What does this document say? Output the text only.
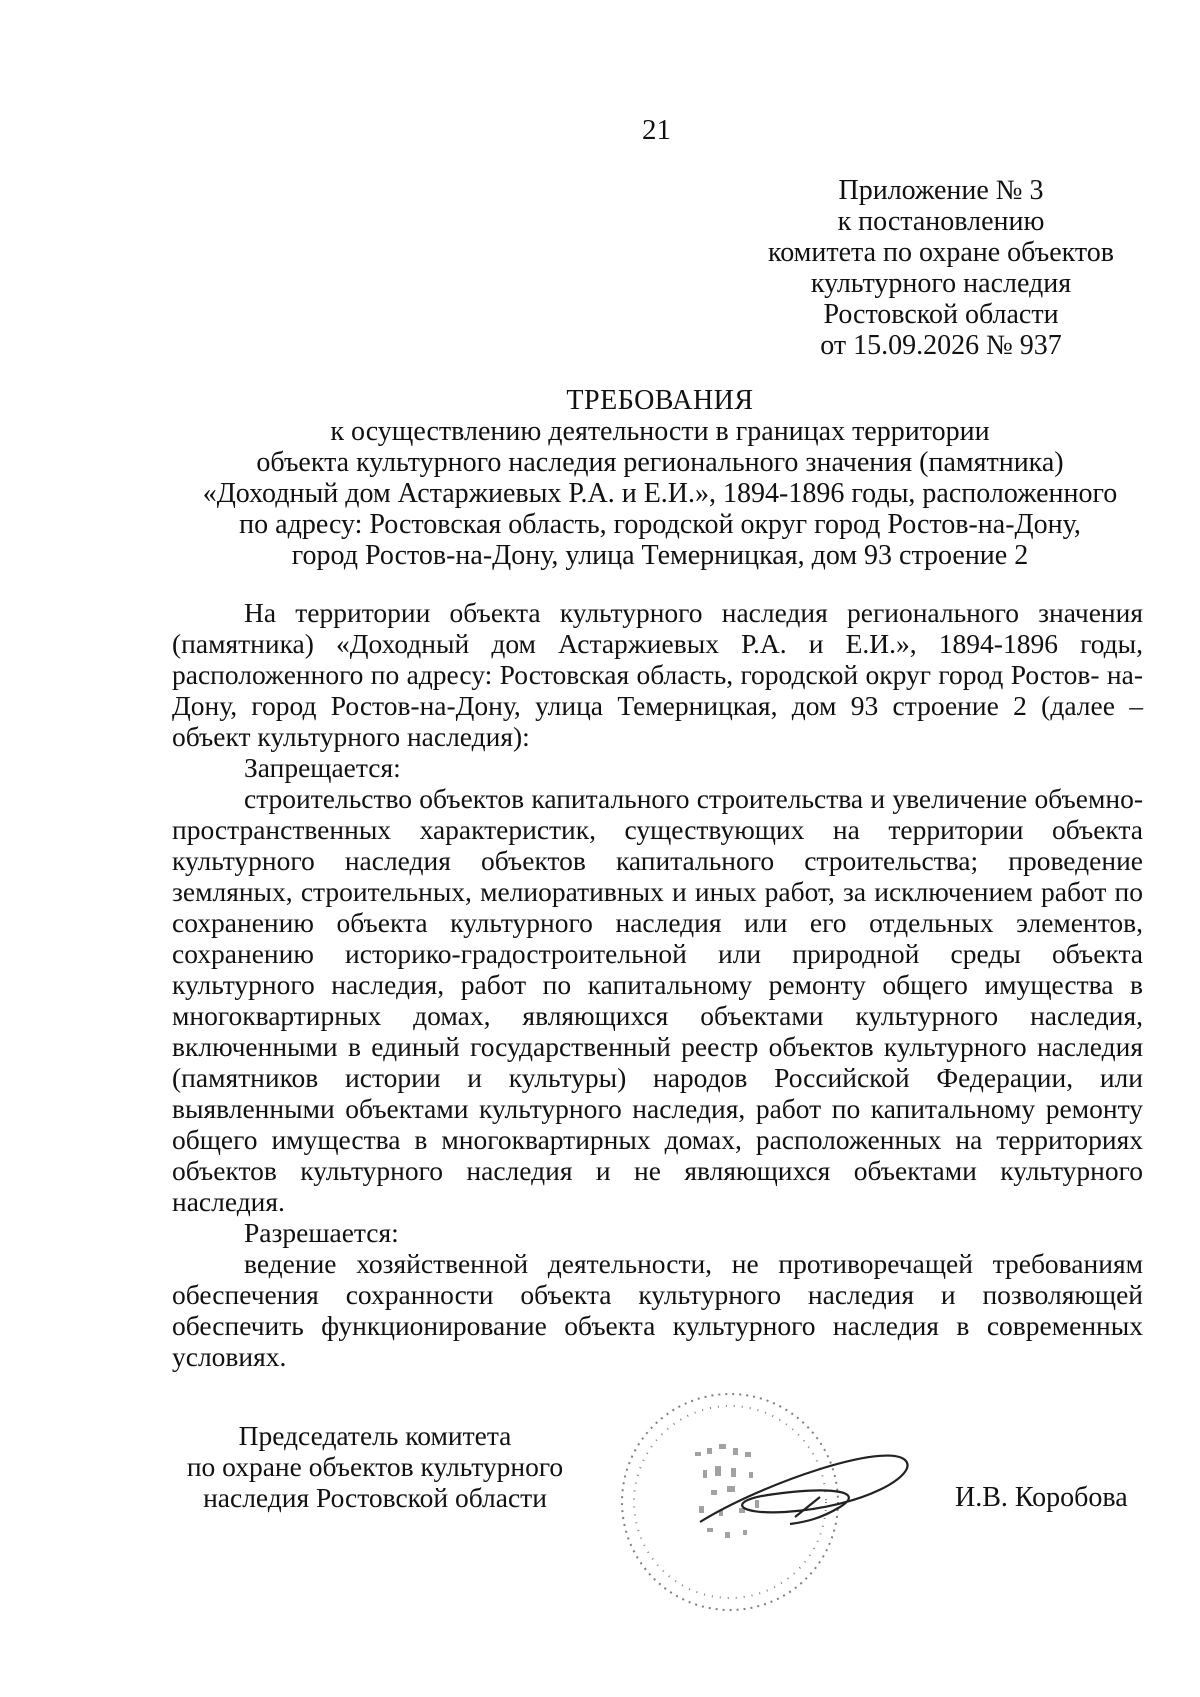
21
Приложение № 3
к постановлению
комитета по охране объектов
культурного наследия
Ростовской области
от 15.09.2026 № 937
ТРЕБОВАНИЯ
к осуществлению деятельности в границах территории
объекта культурного наследия регионального значения (памятника)
«Доходный дом Астаржиевых Р.А. и Е.И.», 1894-1896 годы, расположенного
по адресу: Ростовская область, городской округ город Ростов-на-Дону,
город Ростов-на-Дону, улица Темерницкая, дом 93 строение 2

На территории объекта культурного наследия регионального значения (памятника) «Доходный дом Астаржиевых Р.А. и Е.И.», 1894-1896 годы, расположенного по адресу: Ростовская область, городской округ город Ростов- на-Дону, город Ростов-на-Дону, улица Темерницкая, дом 93 строение 2 (далее – объект культурного наследия):

Запрещается:

строительство объектов капитального строительства и увеличение объемно-пространственных характеристик, существующих на территории объекта культурного наследия объектов капитального строительства; проведение земляных, строительных, мелиоративных и иных работ, за исключением работ по сохранению объекта культурного наследия или его отдельных элементов, сохранению историко-градостроительной или природной среды объекта культурного наследия, работ по капитальному ремонту общего имущества в многоквартирных домах, являющихся объектами культурного наследия, включенными в единый государственный реестр объектов культурного наследия (памятников истории и культуры) народов Российской Федерации, или выявленными объектами культурного наследия, работ по капитальному ремонту общего имущества в многоквартирных домах, расположенных на территориях объектов культурного наследия и не являющихся объектами культурного наследия.

Разрешается:

ведение хозяйственной деятельности, не противоречащей требованиям обеспечения сохранности объекта культурного наследия и позволяющей обеспечить функционирование объекта культурного наследия в современных условиях.

Председатель комитета
по охране объектов культурного
наследия Ростовской области	И.В. Коробова
